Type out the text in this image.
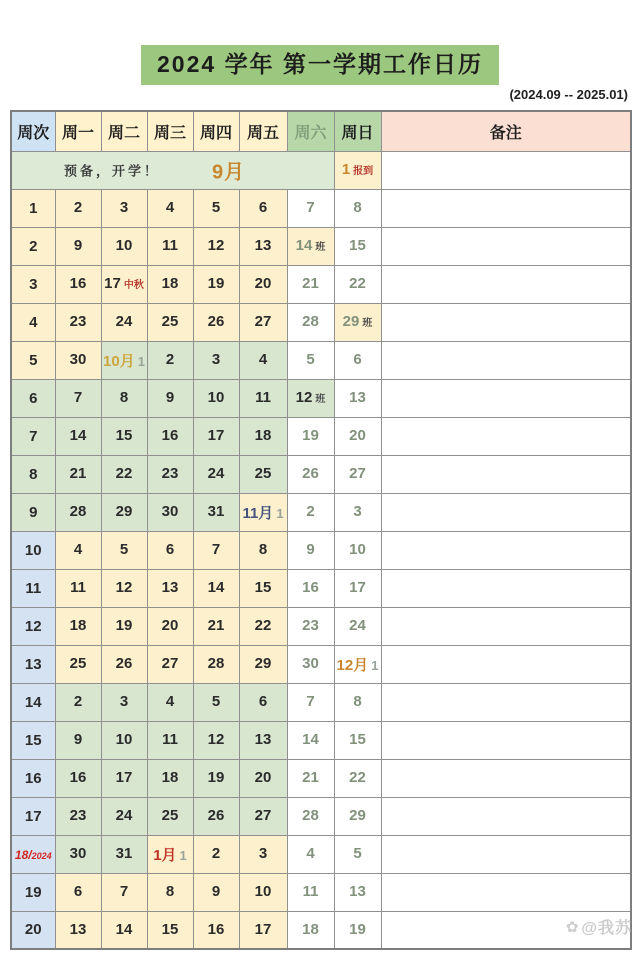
2024 学年 第一学期工作日历
(2024.09 -- 2025.01)
周次	周一	周二	周三	周四	周五	周六	周日	备注

预备，开学！ 9月							1 报到	
1	2	3	4	5	6	7	8	
2	9	10	11	12	13	14 班	15	
3	16	17 中秋	18	19	20	21	22	
4	23	24	25	26	27	28	29 班	
5	30	10月 1	2	3	4	5	6	
6	7	8	9	10	11	12 班	13	
7	14	15	16	17	18	19	20	
8	21	22	23	24	25	26	27	
9	28	29	30	31	11月 1	2	3	
10	4	5	6	7	8	9	10	
11	11	12	13	14	15	16	17	
12	18	19	20	21	22	23	24	
13	25	26	27	28	29	30	12月 1	
14	2	3	4	5	6	7	8	
15	9	10	11	12	13	14	15	
16	16	17	18	19	20	21	22	
17	23	24	25	26	27	28	29	
18/2024	30	31	1月 1	2	3	4	5	
19	6	7	8	9	10	11	13	
20	13	14	15	16	17	18	19		✿ @我苏
